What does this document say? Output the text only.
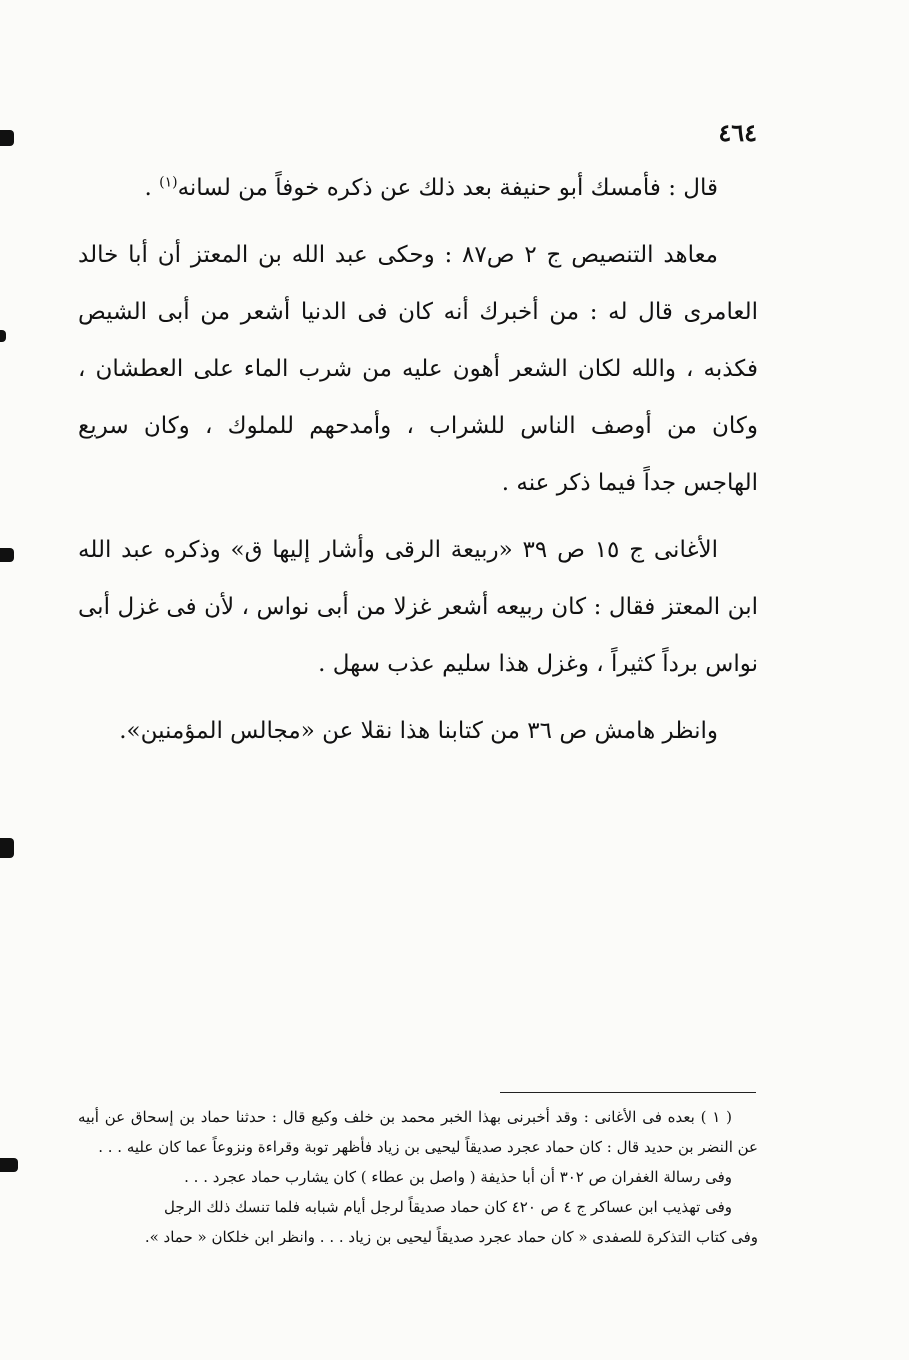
٤٦٤

قال : فأمسك أبو حنيفة بعد ذلك عن ذكره خوفاً من لسانه$^{(١)}$ .

معاهد التنصيص ج ٢ ص٨٧ : وحكى عبد الله بن المعتز أن أبا خالد العامرى قال له : من أخبرك أنه كان فى الدنيا أشعر من أبى الشيص فكذبه ، والله لكان الشعر أهون عليه من شرب الماء على العطشان ، وكان من أوصف الناس للشراب ، وأمدحهم للملوك ، وكان سريع الهاجس جداً فيما ذكر عنه .

الأغانى ج ١٥ ص ٣٩ «ربيعة الرقى وأشار إليها ق» وذكره عبد الله ابن المعتز فقال : كان ربيعه أشعر غزلا من أبى نواس ، لأن فى غزل أبى نواس برداً كثيراً ، وغزل هذا سليم عذب سهل .

وانظر هامش ص ٣٦ من كتابنا هذا نقلا عن «مجالس المؤمنين».

( ١ ) بعده فى الأغانى : وقد أخبرنى بهذا الخبر محمد بن خلف وكيع قال : حدثنا حماد بن إسحاق عن أبيه عن النضر بن حديد قال : كان حماد عجرد صديقاً ليحيى بن زياد فأظهر توبة وقراءة ونزوعاً عما كان عليه . . .

وفى رسالة الغفران ص ٣٠٢ أن أبا حذيفة ( واصل بن عطاء ) كان يشارب حماد عجرد . . .

وفى تهذيب ابن عساكر ج ٤ ص ٤٢٠ كان حماد صديقاً لرجل أيام شبابه فلما تنسك ذلك الرجل

وفى كتاب التذكرة للصفدى « كان حماد عجرد صديقاً ليحيى بن زياد . . . وانظر ابن خلكان « حماد ».
